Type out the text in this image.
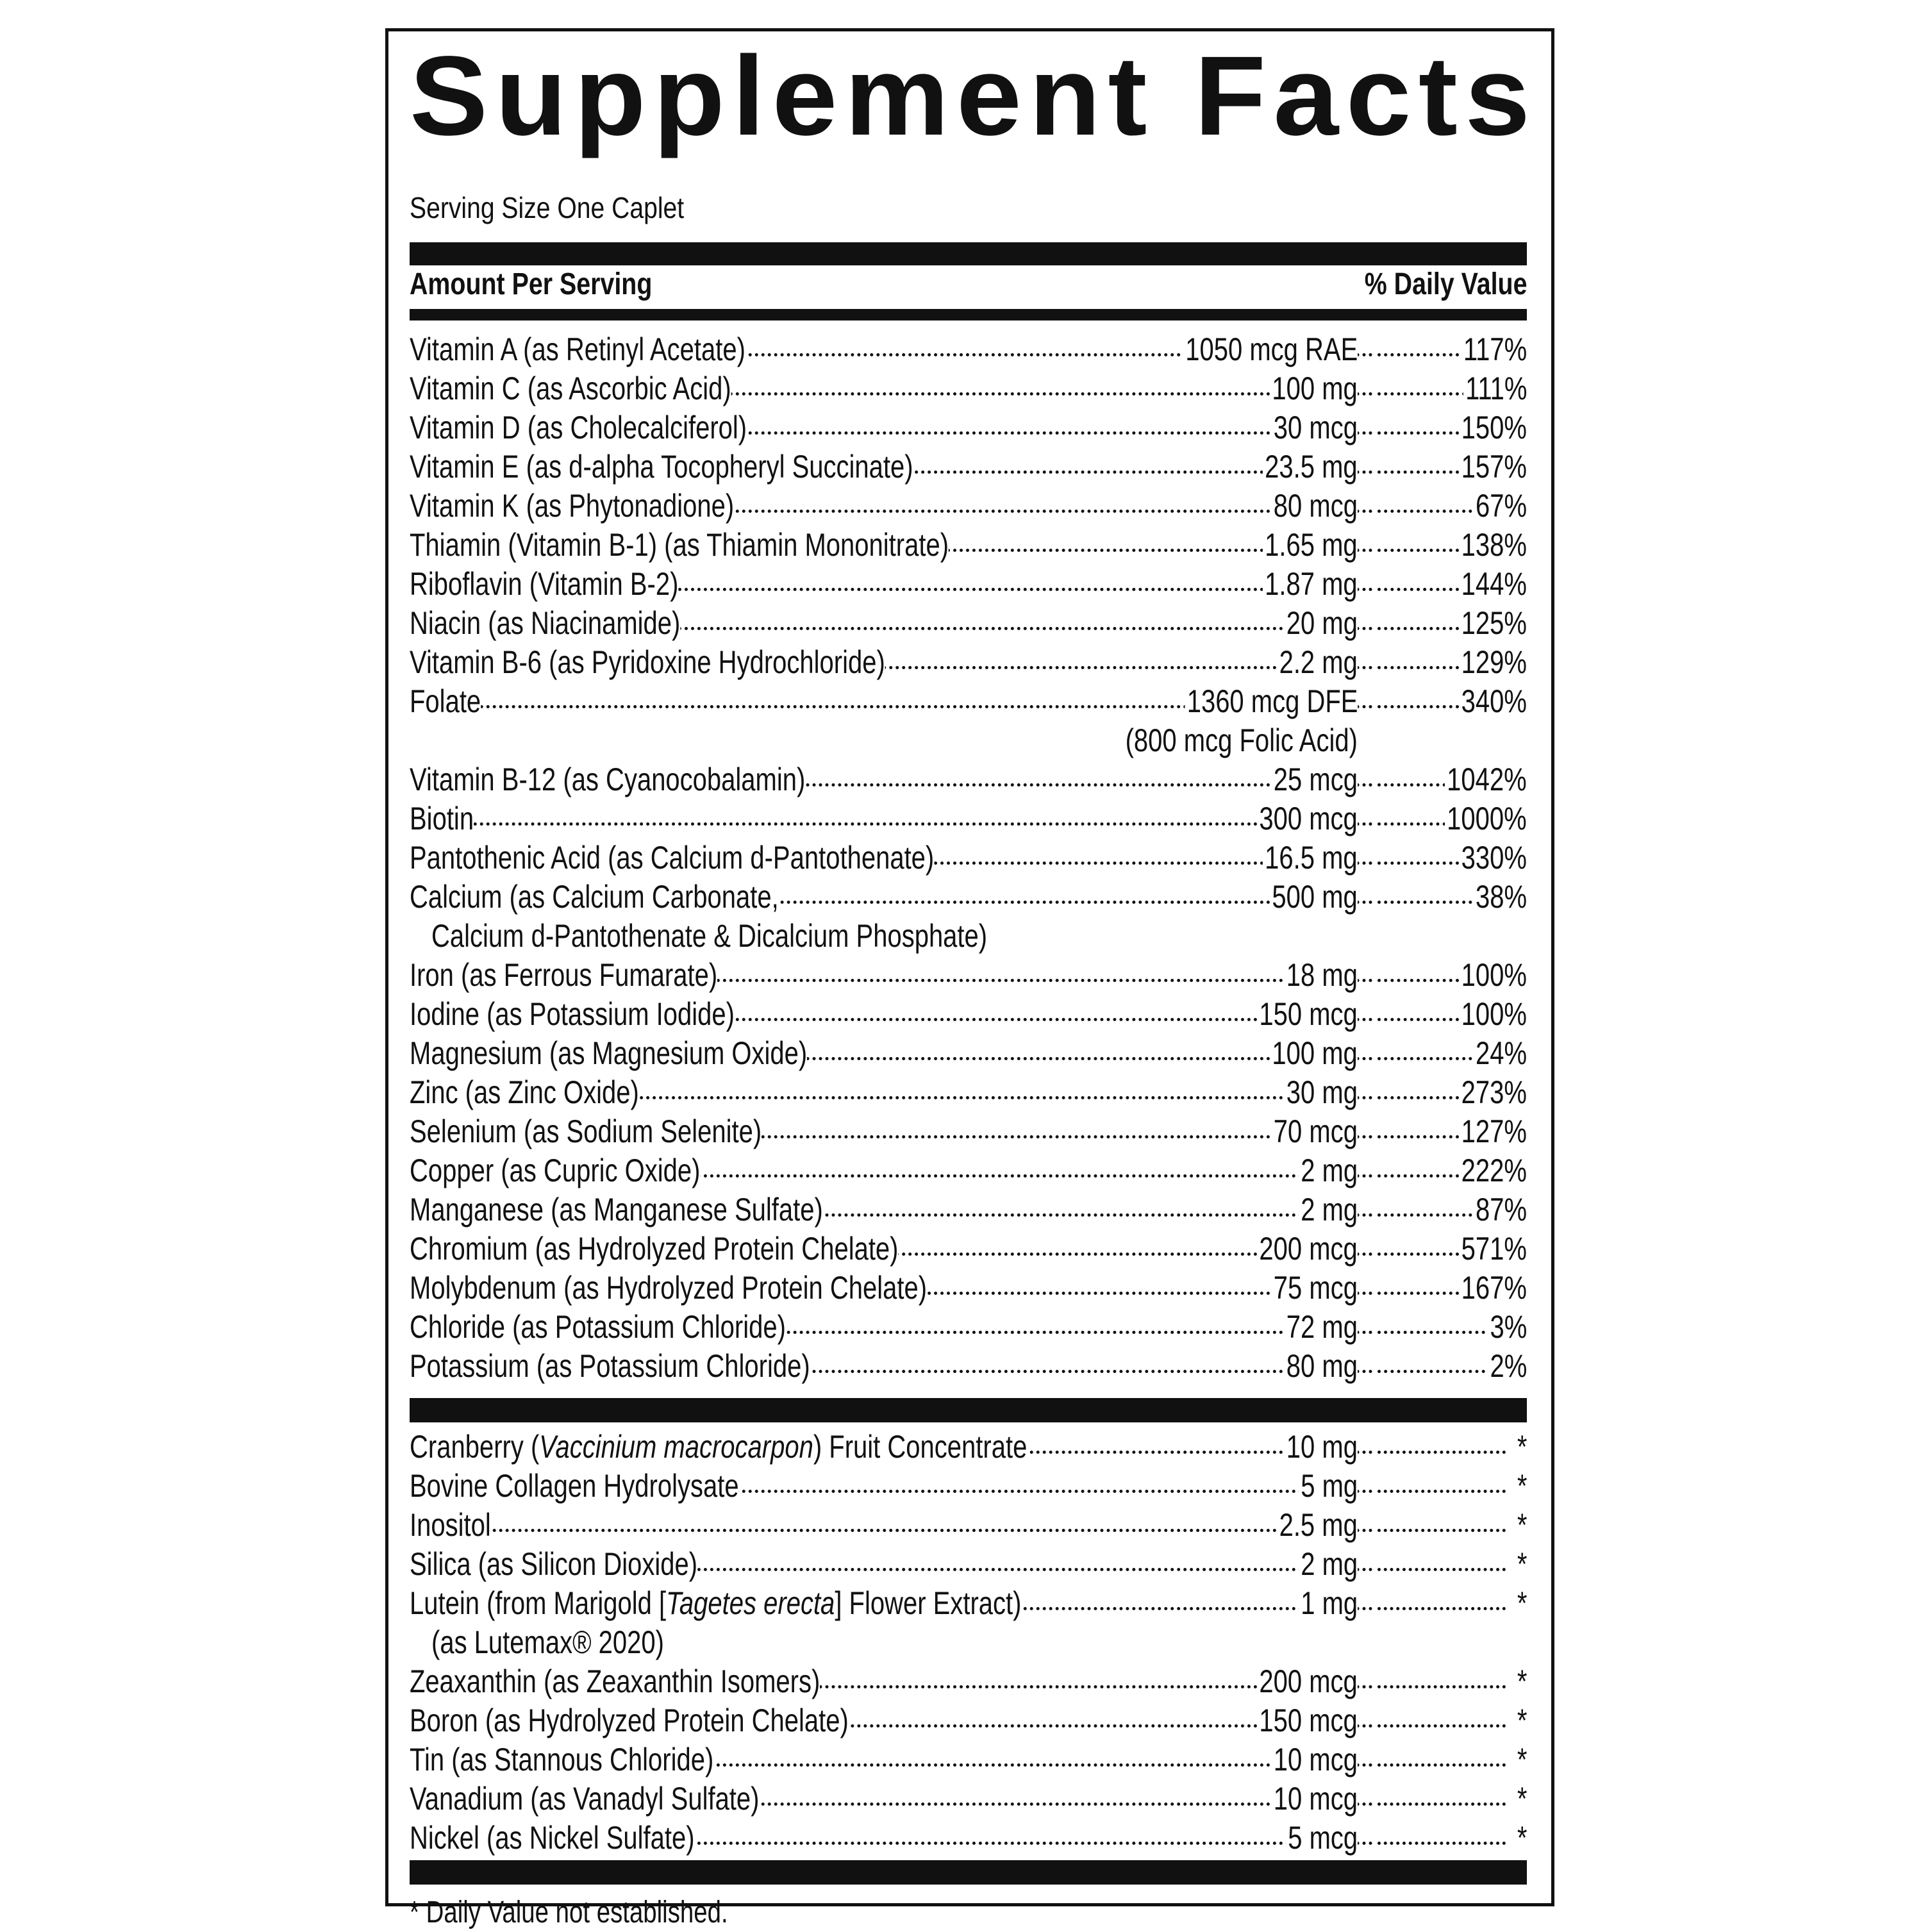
Supplement Facts
Serving Size One Caplet
Amount Per Serving	% Daily Value
Vitamin A (as Retinyl Acetate)	1050 mcg RAE	117%
Vitamin C (as Ascorbic Acid)	100 mg	111%
Vitamin D (as Cholecalciferol)	30 mcg	150%
Vitamin E (as d-alpha Tocopheryl Succinate)	23.5 mg	157%
Vitamin K (as Phytonadione)	80 mcg	67%
Thiamin (Vitamin B-1) (as Thiamin Mononitrate)	1.65 mg	138%
Riboflavin (Vitamin B-2)	1.87 mg	144%
Niacin (as Niacinamide)	20 mg	125%
Vitamin B-6 (as Pyridoxine Hydrochloride)	2.2 mg	129%
Folate	1360 mcg DFE	340%
(800 mcg Folic Acid)
Vitamin B-12 (as Cyanocobalamin)	25 mcg	1042%
Biotin	300 mcg	1000%
Pantothenic Acid (as Calcium d-Pantothenate)	16.5 mg	330%
Calcium (as Calcium Carbonate,	500 mg	38%
Calcium d-Pantothenate & Dicalcium Phosphate)
Iron (as Ferrous Fumarate)	18 mg	100%
Iodine (as Potassium Iodide)	150 mcg	100%
Magnesium (as Magnesium Oxide)	100 mg	24%
Zinc (as Zinc Oxide)	30 mg	273%
Selenium (as Sodium Selenite)	70 mcg	127%
Copper (as Cupric Oxide)	2 mg	222%
Manganese (as Manganese Sulfate)	2 mg	87%
Chromium (as Hydrolyzed Protein Chelate)	200 mcg	571%
Molybdenum (as Hydrolyzed Protein Chelate)	75 mcg	167%
Chloride (as Potassium Chloride)	72 mg	3%
Potassium (as Potassium Chloride)	80 mg	2%
Cranberry (Vaccinium macrocarpon) Fruit Concentrate	10 mg	*
Bovine Collagen Hydrolysate	5 mg	*
Inositol	2.5 mg	*
Silica (as Silicon Dioxide)	2 mg	*
Lutein (from Marigold [Tagetes erecta] Flower Extract)	1 mg	*
(as Lutemax® 2020)
Zeaxanthin (as Zeaxanthin Isomers)	200 mcg	*
Boron (as Hydrolyzed Protein Chelate)	150 mcg	*
Tin (as Stannous Chloride)	10 mcg	*
Vanadium (as Vanadyl Sulfate)	10 mcg	*
Nickel (as Nickel Sulfate)	5 mcg	*
* Daily Value not established.
